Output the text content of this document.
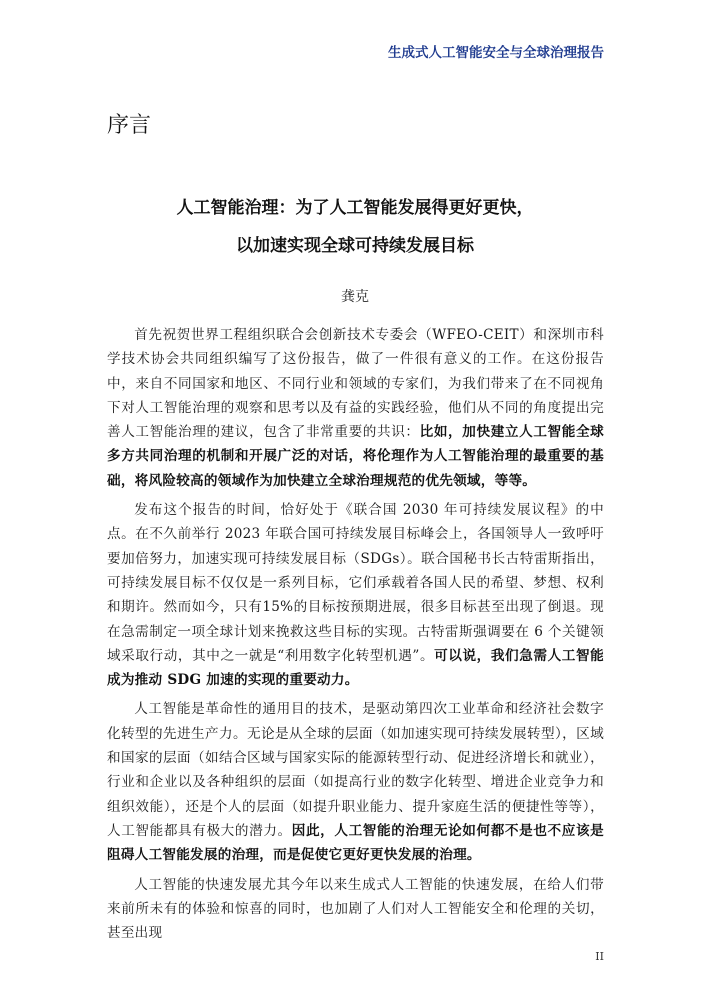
生成式人工智能安全与全球治理报告
序言
人工智能治理：为了人工智能发展得更好更快，
以加速实现全球可持续发展目标
龚克

首先祝贺世界工程组织联合会创新技术专委会（WFEO-CEIT）和深圳市科学技术协会共同组织编写了这份报告，做了一件很有意义的工作。在这份报告中，来自不同国家和地区、不同行业和领域的专家们，为我们带来了在不同视角下对人工智能治理的观察和思考以及有益的实践经验，他们从不同的角度提出完善人工智能治理的建议，包含了非常重要的共识：比如，加快建立人工智能全球多方共同治理的机制和开展广泛的对话，将伦理作为人工智能治理的最重要的基础，将风险较高的领域作为加快建立全球治理规范的优先领域，等等。

发布这个报告的时间，恰好处于《联合国 2030 年可持续发展议程》的中点。在不久前举行 2023 年联合国可持续发展目标峰会上，各国领导人一致呼吁要加倍努力，加速实现可持续发展目标（SDGs）。联合国秘书长古特雷斯指出，可持续发展目标不仅仅是一系列目标，它们承载着各国人民的希望、梦想、权利和期许。然而如今，只有15%的目标按预期进展，很多目标甚至出现了倒退。现在急需制定一项全球计划来挽救这些目标的实现。古特雷斯强调要在 6 个关键领域采取行动，其中之一就是“利用数字化转型机遇”。可以说，我们急需人工智能成为推动 SDG 加速的实现的重要动力。

人工智能是革命性的通用目的技术，是驱动第四次工业革命和经济社会数字化转型的先进生产力。无论是从全球的层面（如加速实现可持续发展转型），区域和国家的层面（如结合区域与国家实际的能源转型行动、促进经济增长和就业），行业和企业以及各种组织的层面（如提高行业的数字化转型、增进企业竞争力和组织效能），还是个人的层面（如提升职业能力、提升家庭生活的便捷性等等），人工智能都具有极大的潜力。因此，人工智能的治理无论如何都不是也不应该是阻碍人工智能发展的治理，而是促使它更好更快发展的治理。

人工智能的快速发展尤其今年以来生成式人工智能的快速发展，在给人们带来前所未有的体验和惊喜的同时，也加剧了人们对人工智能安全和伦理的关切，甚至出现

II
